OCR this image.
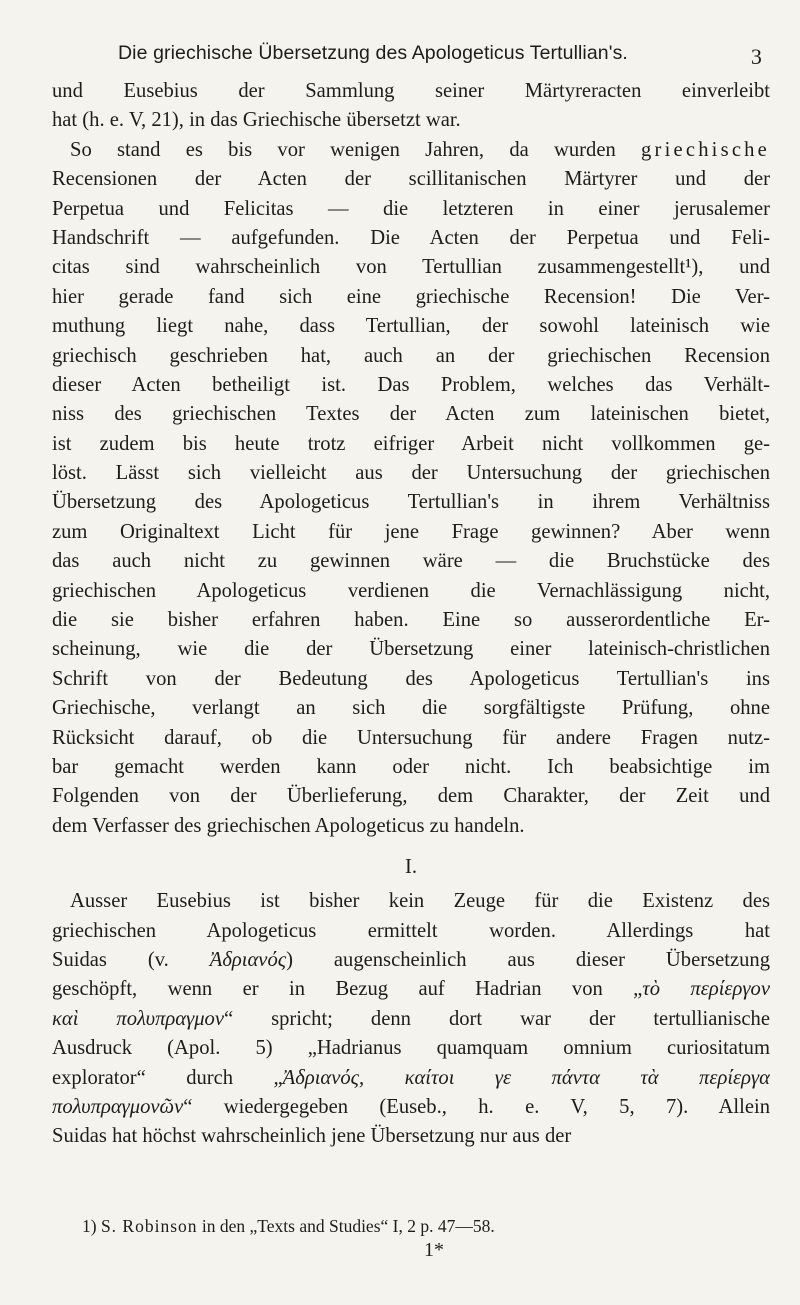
Die griechische Übersetzung des Apologeticus Tertullian's.	3
und Eusebius der Sammlung seiner Märtyreracten einverleibt
hat (h. e. V, 21), in das Griechische übersetzt war.
So stand es bis vor wenigen Jahren, da wurden griechische
Recensionen der Acten der scillitanischen Märtyrer und der
Perpetua und Felicitas — die letzteren in einer jerusalemer
Handschrift — aufgefunden. Die Acten der Perpetua und Feli-
citas sind wahrscheinlich von Tertullian zusammengestellt¹), und
hier gerade fand sich eine griechische Recension! Die Ver-
muthung liegt nahe, dass Tertullian, der sowohl lateinisch wie
griechisch geschrieben hat, auch an der griechischen Recension
dieser Acten betheiligt ist. Das Problem, welches das Verhält-
niss des griechischen Textes der Acten zum lateinischen bietet,
ist zudem bis heute trotz eifriger Arbeit nicht vollkommen ge-
löst. Lässt sich vielleicht aus der Untersuchung der griechischen
Übersetzung des Apologeticus Tertullian's in ihrem Verhältniss
zum Originaltext Licht für jene Frage gewinnen? Aber wenn
das auch nicht zu gewinnen wäre — die Bruchstücke des
griechischen Apologeticus verdienen die Vernachlässigung nicht,
die sie bisher erfahren haben. Eine so ausserordentliche Er-
scheinung, wie die der Übersetzung einer lateinisch-christlichen
Schrift von der Bedeutung des Apologeticus Tertullian's ins
Griechische, verlangt an sich die sorgfältigste Prüfung, ohne
Rücksicht darauf, ob die Untersuchung für andere Fragen nutz-
bar gemacht werden kann oder nicht. Ich beabsichtige im
Folgenden von der Überlieferung, dem Charakter, der Zeit und
dem Verfasser des griechischen Apologeticus zu handeln.
I.
Ausser Eusebius ist bisher kein Zeuge für die Existenz des
griechischen Apologeticus ermittelt worden. Allerdings hat
Suidas (v. Ἀδριανός) augenscheinlich aus dieser Übersetzung
geschöpft, wenn er in Bezug auf Hadrian von „τὸ περίεργον
καὶ πολυπραγμον“ spricht; denn dort war der tertullianische
Ausdruck (Apol. 5) „Hadrianus quamquam omnium curiositatum
explorator“ durch „Ἀδριανός, καίτοι γε πάντα τὰ περίεργα
πολυπραγμονῶν“ wiedergegeben (Euseb., h. e. V, 5, 7). Allein
Suidas hat höchst wahrscheinlich jene Übersetzung nur aus der
1) S. Robinson in den „Texts and Studies“ I, 2 p. 47—58.
1*
